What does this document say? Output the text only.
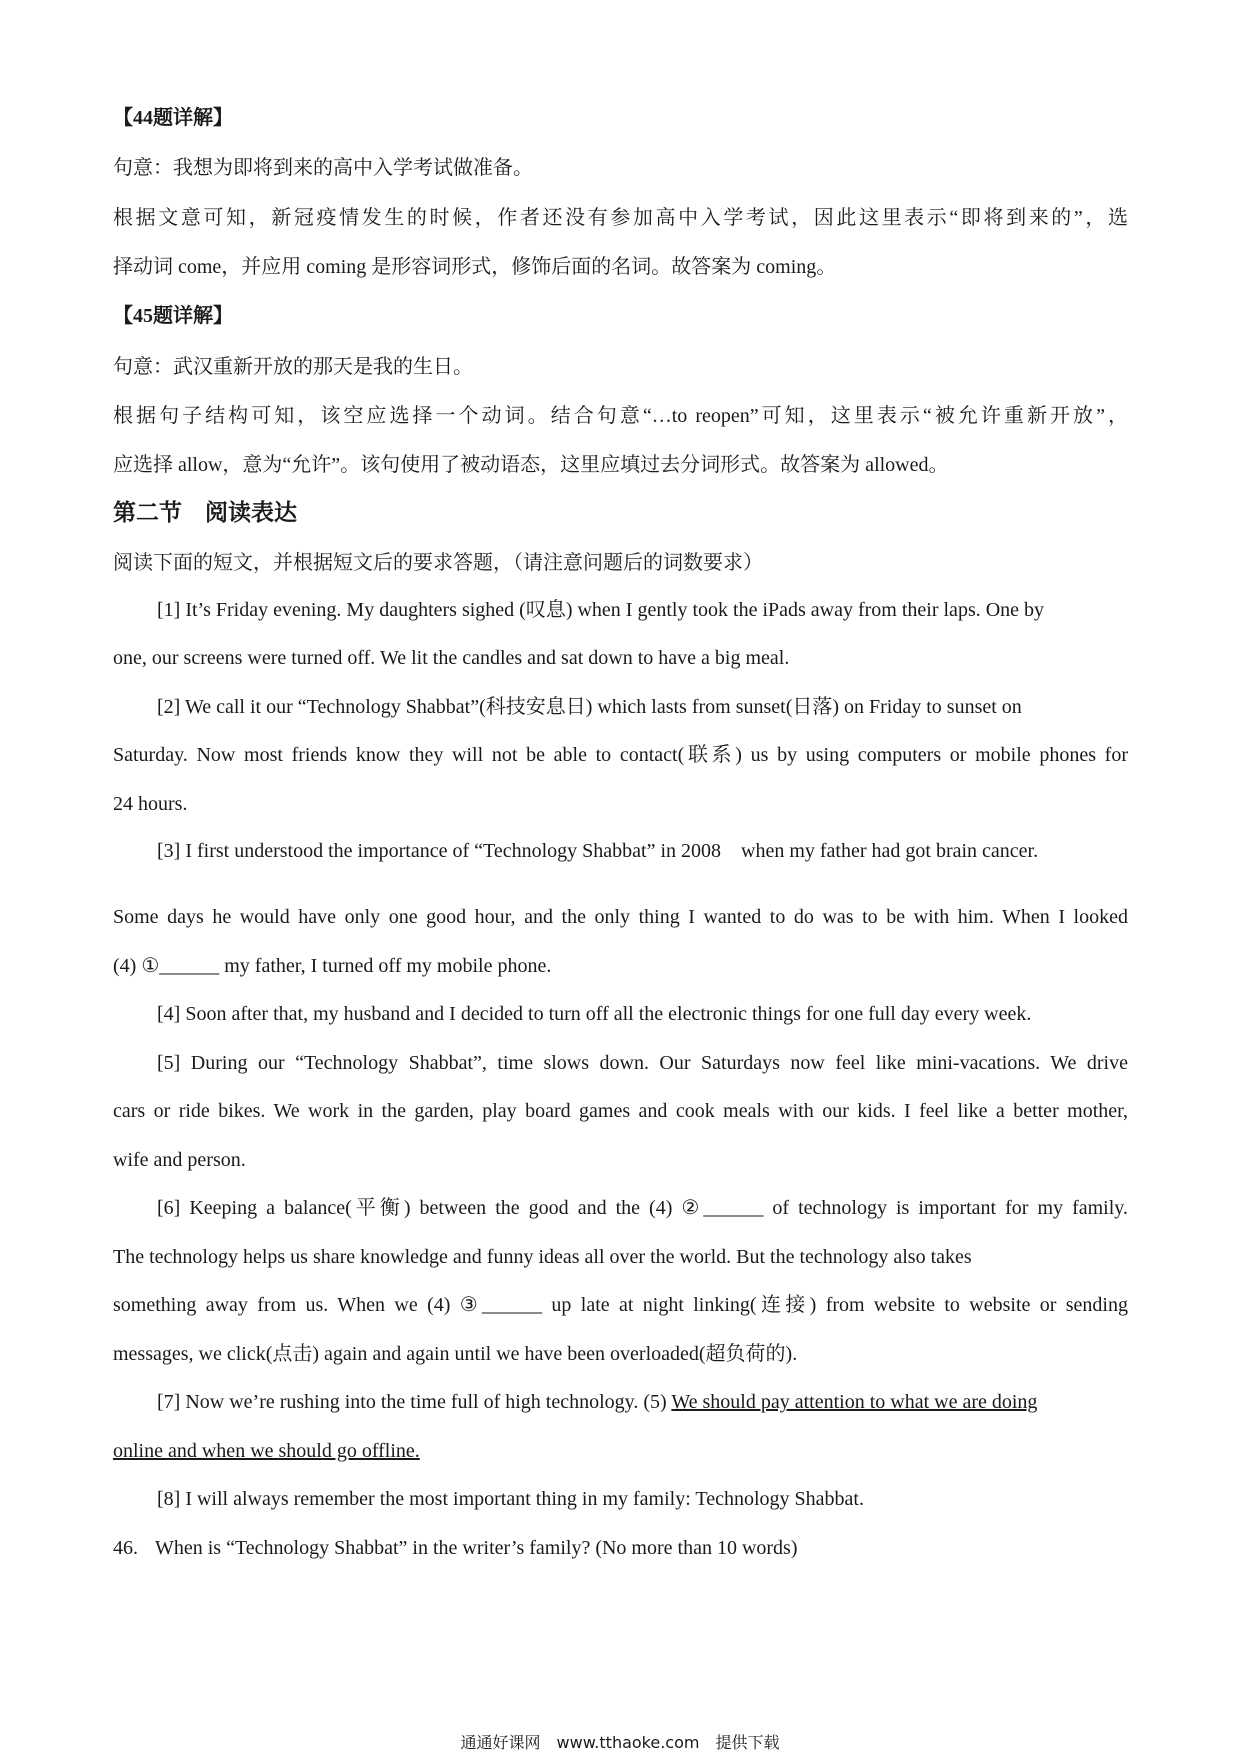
【44题详解】
句意：我想为即将到来的高中入学考试做准备。
根据文意可知，新冠疫情发生的时候，作者还没有参加高中入学考试，因此这里表示“即将到来的”，选
择动词 come，并应用 coming 是形容词形式，修饰后面的名词。故答案为 coming。
【45题详解】
句意：武汉重新开放的那天是我的生日。
根据句子结构可知，该空应选择一个动词。结合句意“…to reopen”可知，这里表示“被允许重新开放”，
应选择 allow，意为“允许”。该句使用了被动语态，这里应填过去分词形式。故答案为 allowed。
第二节　阅读表达
阅读下面的短文，并根据短文后的要求答题，（请注意问题后的词数要求）
[1] It’s Friday evening. My daughters sighed (叹息) when I gently took the iPads away from their laps. One by
one, our screens were turned off. We lit the candles and sat down to have a big meal.
[2] We call it our “Technology Shabbat”(科技安息日) which lasts from sunset(日落) on Friday to sunset on
Saturday. Now most friends know they will not be able to contact(联系) us by using computers or mobile phones for
24 hours.
[3] I first understood the importance of “Technology Shabbat” in 2008　when my father had got brain cancer.
Some days he would have only one good hour, and the only thing I wanted to do was to be with him. When I looked
(4) ①______ my father, I turned off my mobile phone.
[4] Soon after that, my husband and I decided to turn off all the electronic things for one full day every week.
[5] During our “Technology Shabbat”, time slows down. Our Saturdays now feel like mini-vacations. We drive
cars or ride bikes. We work in the garden, play board games and cook meals with our kids. I feel like a better mother,
wife and person.
[6] Keeping a balance(平衡) between the good and the (4) ②______ of technology is important for my family.
The technology helps us share knowledge and funny ideas all over the world. But the technology also takes
something away from us. When we (4) ③______ up late at night linking(连接) from website to website or sending
messages, we click(点击) again and again until we have been overloaded(超负荷的).
[7] Now we’re rushing into the time full of high technology. (5) We should pay attention to what we are doing
online and when we should go offline.
[8] I will always remember the most important thing in my family: Technology Shabbat.
46. When is “Technology Shabbat” in the writer’s family? (No more than 10 words)
通通好课网　www.tthaoke.com　提供下载
